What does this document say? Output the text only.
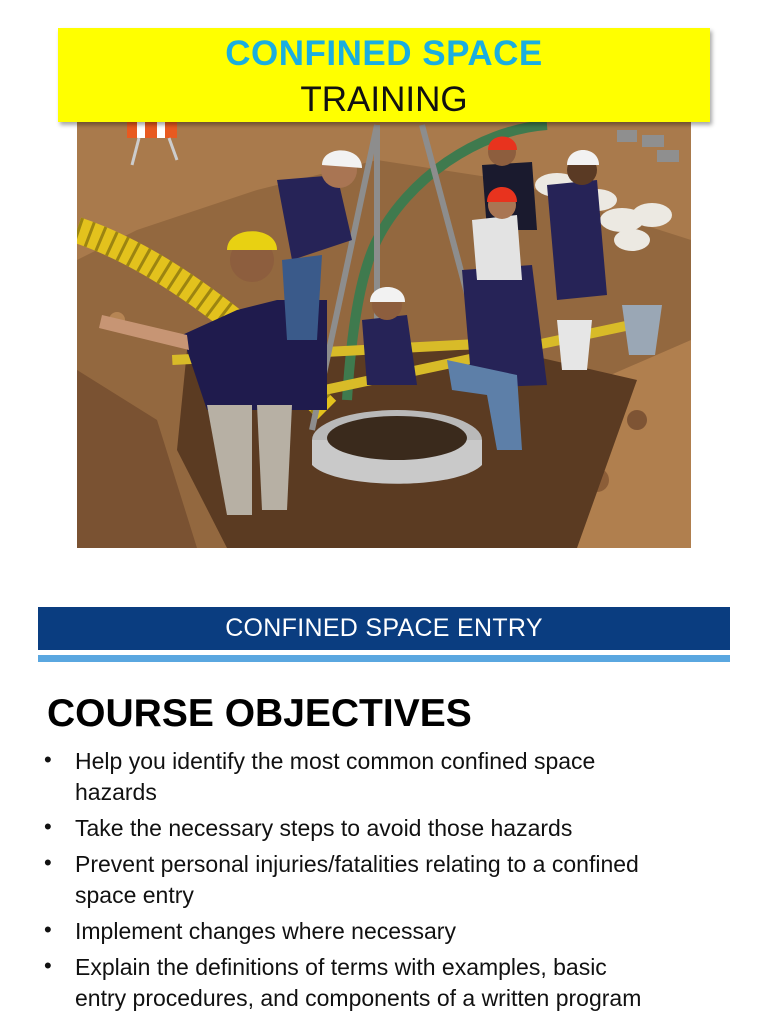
CONFINED SPACE
TRAINING
CONFINED SPACE ENTRY
COURSE OBJECTIVES
• Help you identify the most common confined space hazards
• Take the necessary steps to avoid those hazards
• Prevent personal injuries/fatalities relating to a confined space entry
• Implement changes where necessary
• Explain the definitions of terms with examples, basic entry procedures, and components of a written program
